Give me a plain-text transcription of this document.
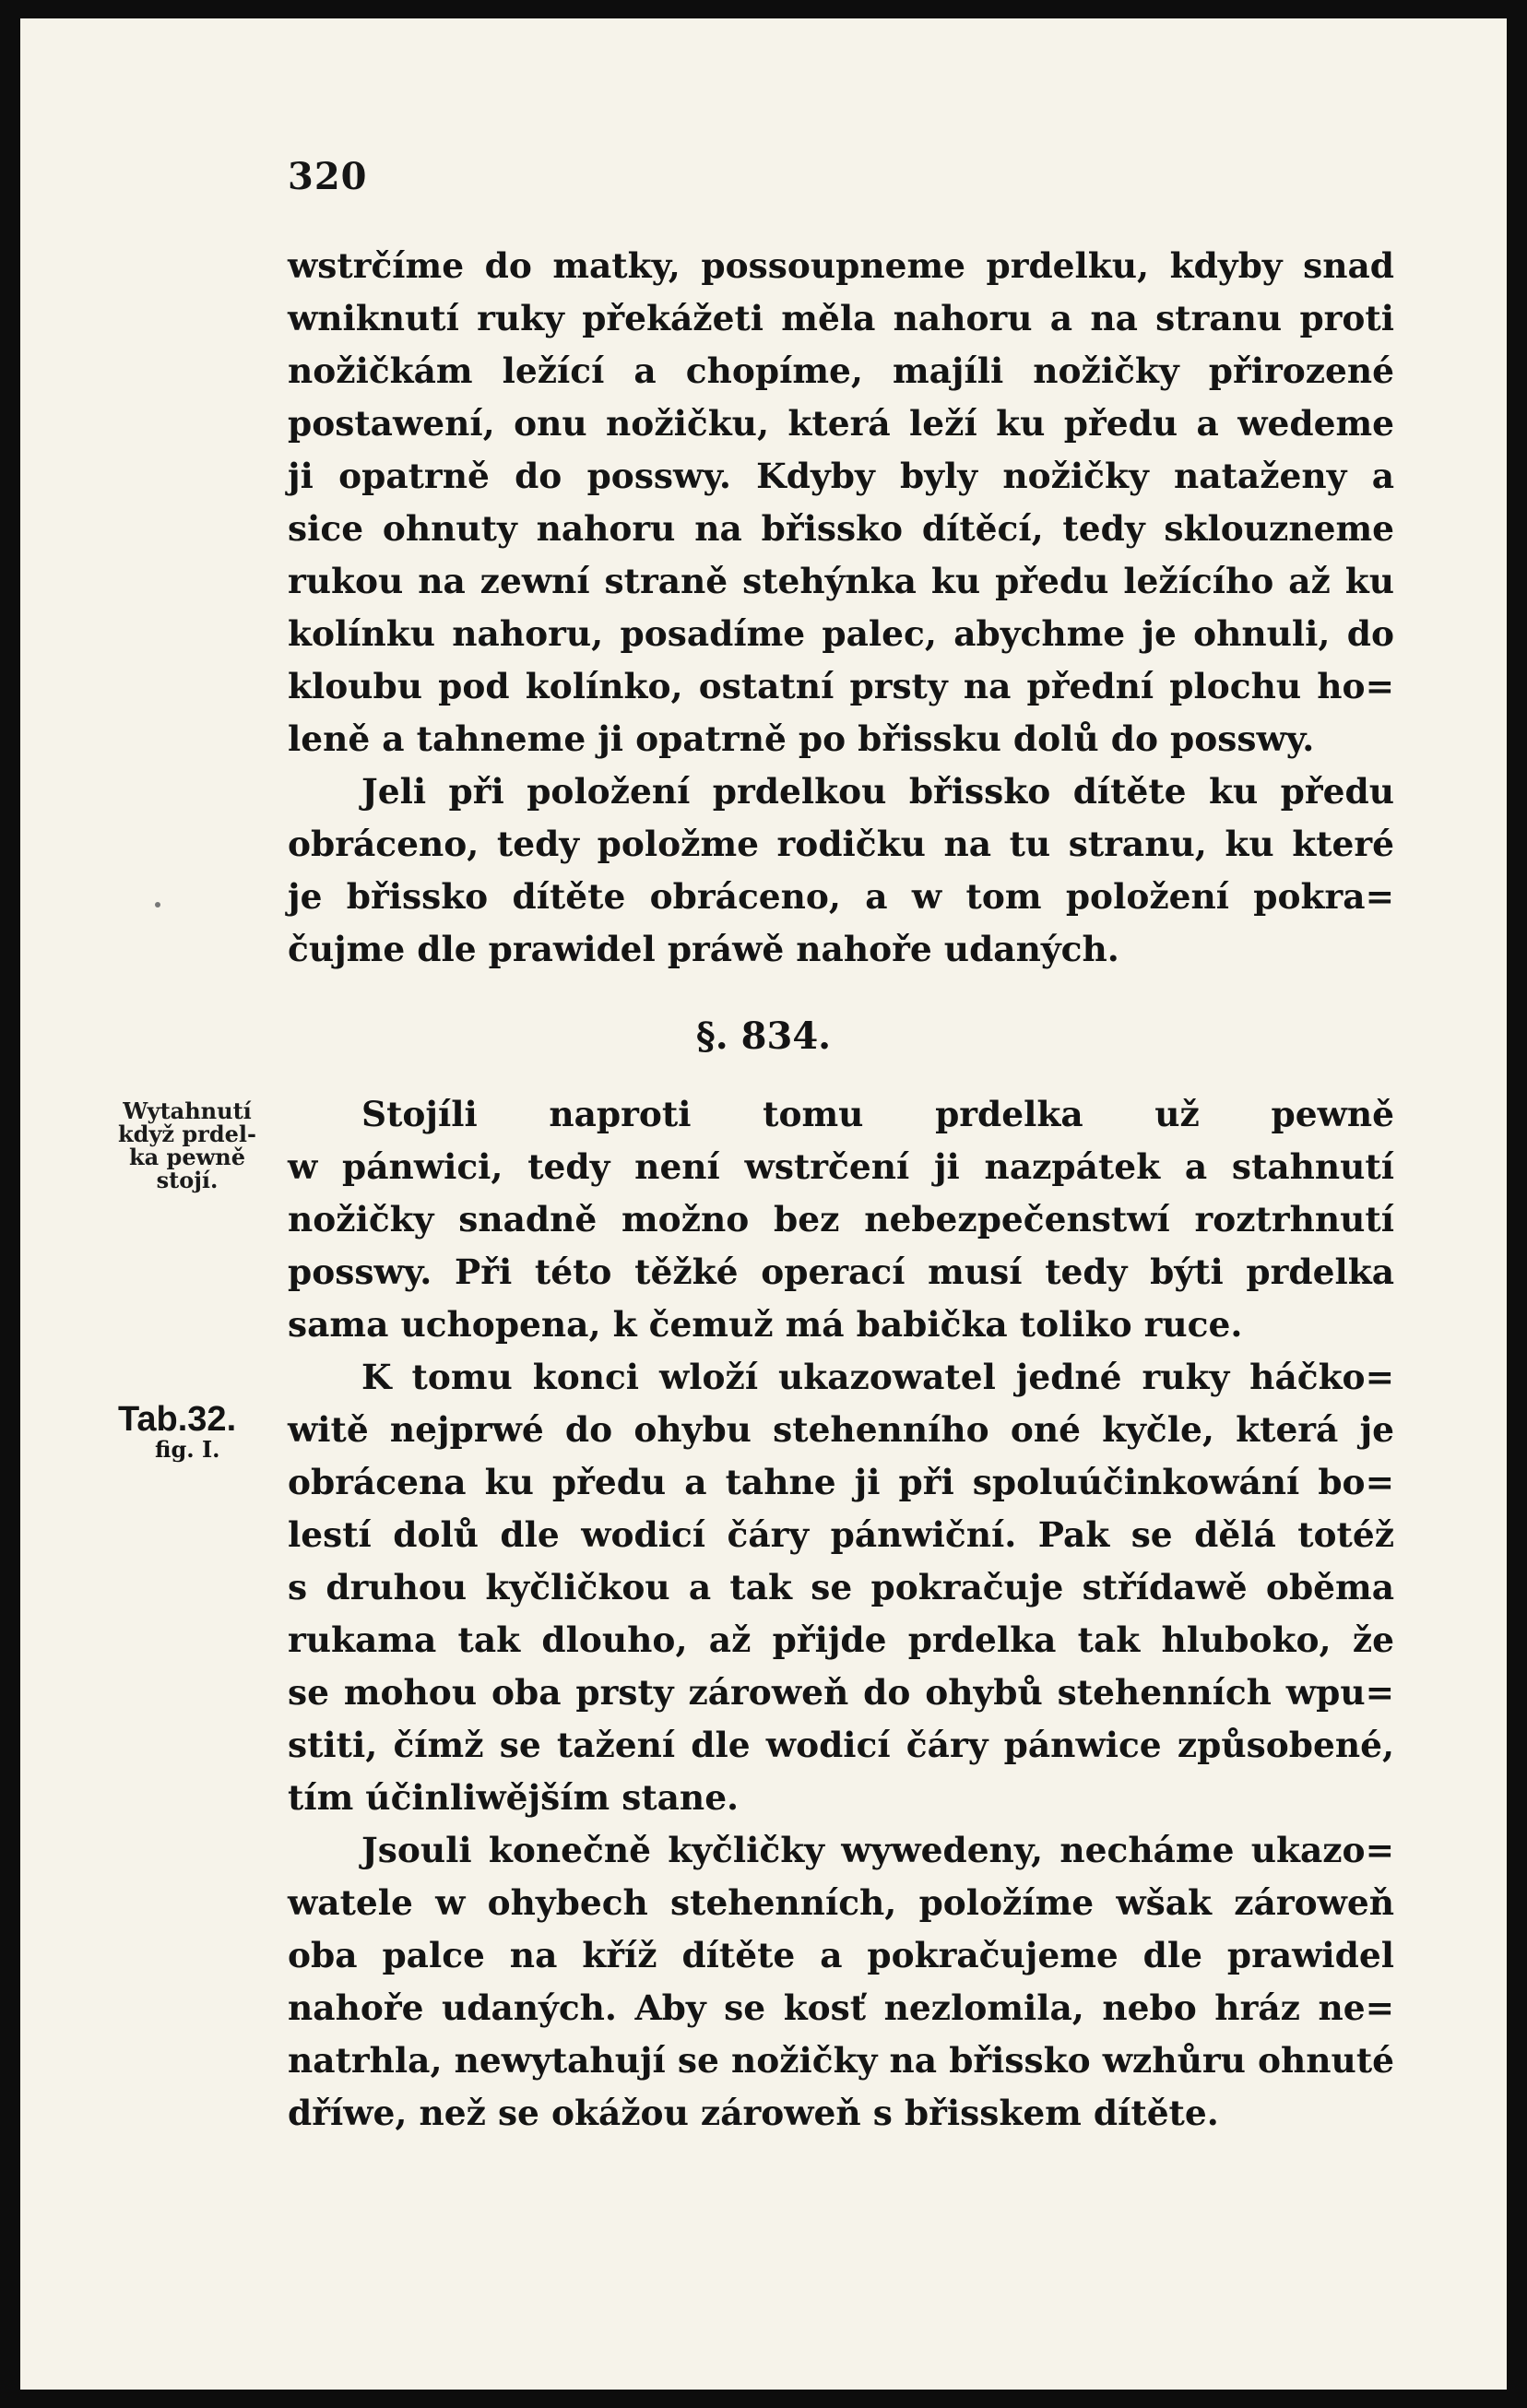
320
wstrčíme do matky, possoupneme prdelku, kdyby snad
wniknutí ruky překážeti měla nahoru a na stranu proti
nožičkám ležící a chopíme, majíli nožičky přirozené
postawení, onu nožičku, která leží ku předu a wedeme
ji opatrně do posswy. Kdyby byly nožičky nataženy a
sice ohnuty nahoru na břissko dítěcí, tedy sklouzneme
rukou na zewní straně stehýnka ku předu ležícího až ku
kolínku nahoru, posadíme palec, abychme je ohnuli, do
kloubu pod kolínko, ostatní prsty na přední plochu ho=
leně a tahneme ji opatrně po břissku dolů do posswy.
Jeli při položení prdelkou břissko dítěte ku předu
obráceno, tedy položme rodičku na tu stranu, ku které
je břissko dítěte obráceno, a w tom položení pokra=
čujme dle prawidel práwě nahoře udaných.
§. 834.
Wytahnutí
když prdel-
ka pewně
stojí.
Tab.32.
fig. I.
Stojíli naproti tomu prdelka už pewně
w pánwici, tedy není wstrčení ji nazpátek a stahnutí
nožičky snadně možno bez nebezpečenstwí roztrhnutí
posswy. Při této těžké operací musí tedy býti prdelka
sama uchopena, k čemuž má babička toliko ruce.
K tomu konci wloží ukazowatel jedné ruky háčko=
witě nejprwé do ohybu stehenního oné kyčle, která je
obrácena ku předu a tahne ji při spoluúčinkowání bo=
lestí dolů dle wodicí čáry pánwiční. Pak se dělá totéž
s druhou kyčličkou a tak se pokračuje střídawě oběma
rukama tak dlouho, až přijde prdelka tak hluboko, že
se mohou oba prsty zároweň do ohybů stehenních wpu=
stiti, čímž se tažení dle wodicí čáry pánwice způsobené,
tím účinliwějším stane.
Jsouli konečně kyčličky wywedeny, necháme ukazo=
watele w ohybech stehenních, položíme wšak zároweň
oba palce na kříž dítěte a pokračujeme dle prawidel
nahoře udaných. Aby se kosť nezlomila, nebo hráz ne=
natrhla, newytahují se nožičky na břissko wzhůru ohnuté
dříwe, než se okážou zároweň s břisskem dítěte.
